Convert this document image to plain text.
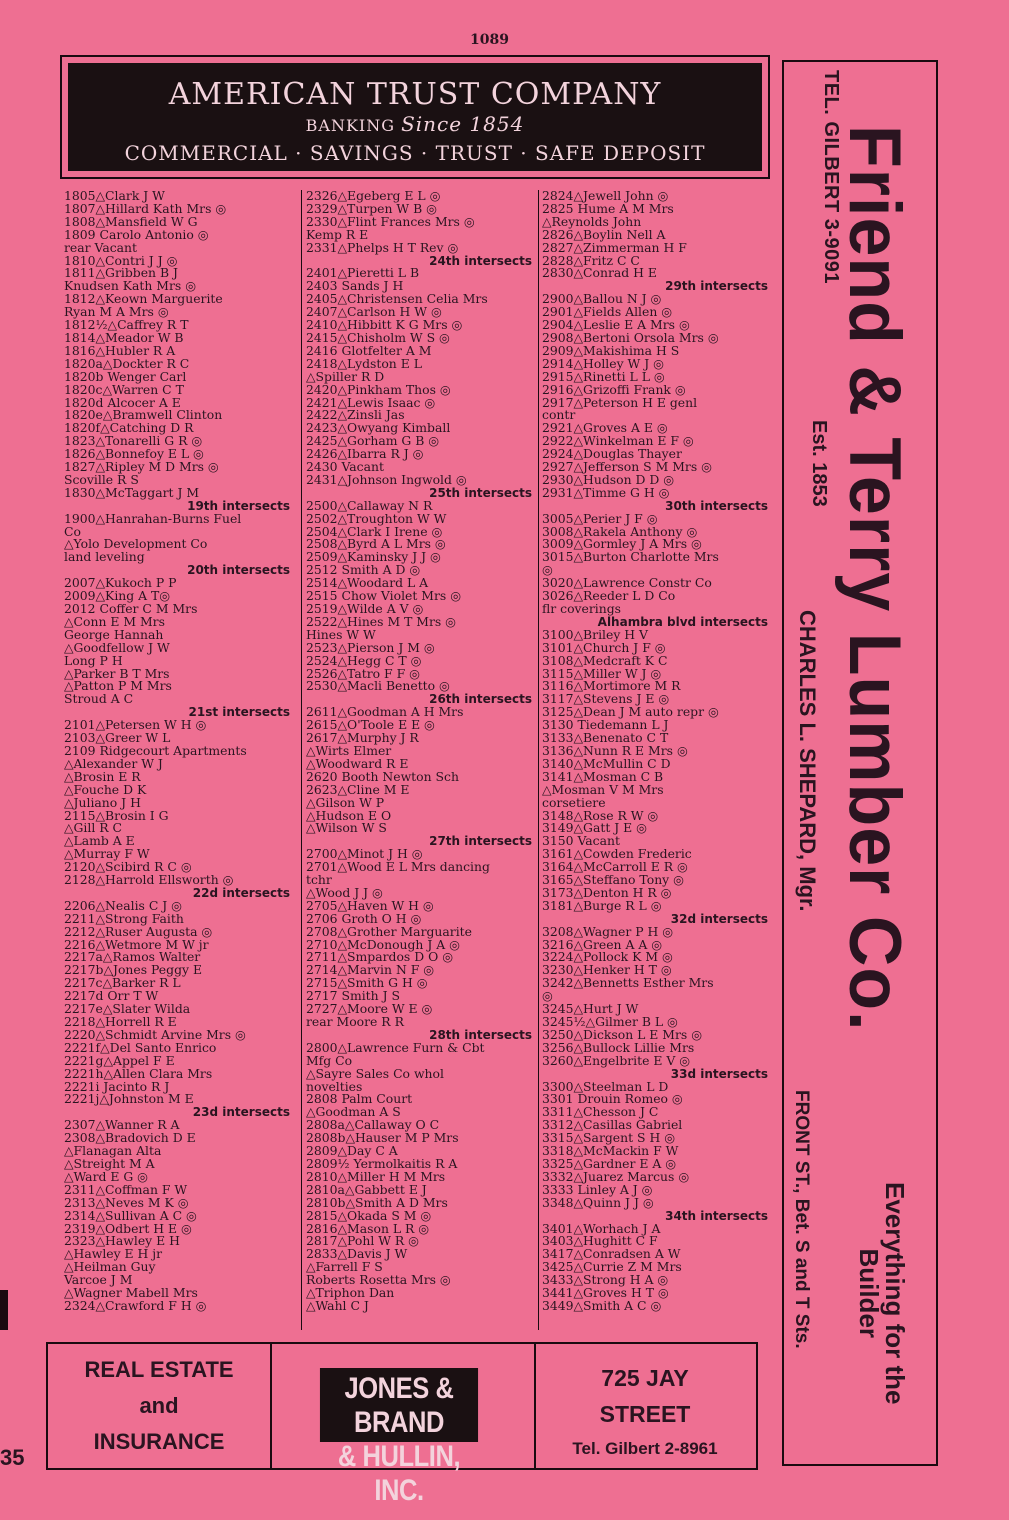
1089
AMERICAN TRUST COMPANY
BANKING Since 1854
COMMERCIAL · SAVINGS · TRUST · SAFE DEPOSIT
1805△Clark J W
1807△Hillard Kath Mrs ◎
1808△Mansfield W G
1809 Carolo Antonio ◎
rear Vacant
1810△Contri J J ◎
1811△Gribben B J
Knudsen Kath Mrs ◎
1812△Keown Marguerite
Ryan M A Mrs ◎
1812½△Caffrey R T
1814△Meador W B
1816△Hubler R A
1820a△Dockter R C
1820b Wenger Carl
1820c△Warren C T
1820d Alcocer A E
1820e△Bramwell Clinton
1820f△Catching D R
1823△Tonarelli G R ◎
1826△Bonnefoy E L ◎
1827△Ripley M D Mrs ◎
Scoville R S
1830△McTaggart J M
19th intersects
1900△Hanrahan-Burns Fuel
Co
△Yolo Development Co
land leveling
20th intersects
2007△Kukoch P P
2009△King A T◎
2012 Coffer C M Mrs
△Conn E M Mrs
George Hannah
△Goodfellow J W
Long P H
△Parker B T Mrs
△Patton P M Mrs
Stroud A C
21st intersects
2101△Petersen W H ◎
2103△Greer W L
2109 Ridgecourt Apartments
△Alexander W J
△Brosin E R
△Fouche D K
△Juliano J H
2115△Brosin I G
△Gill R C
△Lamb A E
△Murray F W
2120△Scibird R C ◎
2128△Harrold Ellsworth ◎
22d intersects
2206△Nealis C J ◎
2211△Strong Faith
2212△Ruser Augusta ◎
2216△Wetmore M W jr
2217a△Ramos Walter
2217b△Jones Peggy E
2217c△Barker R L
2217d Orr T W
2217e△Slater Wilda
2218△Horrell R E
2220△Schmidt Arvine Mrs ◎
2221f△Del Santo Enrico
2221g△Appel F E
2221h△Allen Clara Mrs
2221i Jacinto R J
2221j△Johnston M E
23d intersects
2307△Wanner R A
2308△Bradovich D E
△Flanagan Alta
△Streight M A
△Ward E G ◎
2311△Coffman F W
2313△Neves M K ◎
2314△Sullivan A C ◎
2319△Odbert H E ◎
2323△Hawley E H
△Hawley E H jr
△Heilman Guy
Varcoe J M
△Wagner Mabell Mrs
2324△Crawford F H ◎
2326△Egeberg E L ◎
2329△Turpen W B ◎
2330△Flint Frances Mrs ◎
Kemp R E
2331△Phelps H T Rev ◎
24th intersects
2401△Pieretti L B
2403 Sands J H
2405△Christensen Celia Mrs
2407△Carlson H W ◎
2410△Hibbitt K G Mrs ◎
2415△Chisholm W S ◎
2416 Glotfelter A M
2418△Lydston E L
△Spiller R D
2420△Pinkham Thos ◎
2421△Lewis Isaac ◎
2422△Zinsli Jas
2423△Owyang Kimball
2425△Gorham G B ◎
2426△Ibarra R J ◎
2430 Vacant
2431△Johnson Ingwold ◎
25th intersects
2500△Callaway N R
2502△Troughton W W
2504△Clark I Irene ◎
2508△Byrd A L Mrs ◎
2509△Kaminsky J J ◎
2512 Smith A D ◎
2514△Woodard L A
2515 Chow Violet Mrs ◎
2519△Wilde A V ◎
2522△Hines M T Mrs ◎
Hines W W
2523△Pierson J M ◎
2524△Hegg C T ◎
2526△Tatro F F ◎
2530△Macli Benetto ◎
26th intersects
2611△Goodman A H Mrs
2615△O'Toole E E ◎
2617△Murphy J R
△Wirts Elmer
△Woodward R E
2620 Booth Newton Sch
2623△Cline M E
△Gilson W P
△Hudson E O
△Wilson W S
27th intersects
2700△Minot J H ◎
2701△Wood E L Mrs dancing
tchr
△Wood J J ◎
2705△Haven W H ◎
2706 Groth O H ◎
2708△Grother Marguarite
2710△McDonough J A ◎
2711△Smpardos D O ◎
2714△Marvin N F ◎
2715△Smith G H ◎
2717 Smith J S
2727△Moore W E ◎
rear Moore R R
28th intersects
2800△Lawrence Furn & Cbt
Mfg Co
△Sayre Sales Co whol
novelties
2808 Palm Court
△Goodman A S
2808a△Callaway O C
2808b△Hauser M P Mrs
2809△Day C A
2809½ Yermolkaitis R A
2810△Miller H M Mrs
2810a△Gabbett E J
2810b△Smith A D Mrs
2815△Okada S M ◎
2816△Mason L R ◎
2817△Pohl W R ◎
2833△Davis J W
△Farrell F S
Roberts Rosetta Mrs ◎
△Triphon Dan
△Wahl C J
2824△Jewell John ◎
2825 Hume A M Mrs
△Reynolds John
2826△Boylin Nell A
2827△Zimmerman H F
2828△Fritz C C
2830△Conrad H E
29th intersects
2900△Ballou N J ◎
2901△Fields Allen ◎
2904△Leslie E A Mrs ◎
2908△Bertoni Orsola Mrs ◎
2909△Makishima H S
2914△Holley W J ◎
2915△Rinetti L L ◎
2916△Grizoffi Frank ◎
2917△Peterson H E genl
contr
2921△Groves A E ◎
2922△Winkelman E F ◎
2924△Douglas Thayer
2927△Jefferson S M Mrs ◎
2930△Hudson D D ◎
2931△Timme G H ◎
30th intersects
3005△Perier J F ◎
3008△Rakela Anthony ◎
3009△Gormley J A Mrs ◎
3015△Burton Charlotte Mrs
◎
3020△Lawrence Constr Co
3026△Reeder L D Co
flr coverings
Alhambra blvd intersects
3100△Briley H V
3101△Church J F ◎
3108△Medcraft K C
3115△Miller W J ◎
3116△Mortimore M R
3117△Stevens J E ◎
3125△Dean J M auto repr ◎
3130 Tiedemann L J
3133△Benenato C T
3136△Nunn R E Mrs ◎
3140△McMullin C D
3141△Mosman C B
△Mosman V M Mrs
corsetiere
3148△Rose R W ◎
3149△Gatt J E ◎
3150 Vacant
3161△Cowden Frederic
3164△McCarroll E R ◎
3165△Steffano Tony ◎
3173△Denton H R ◎
3181△Burge R L ◎
32d intersects
3208△Wagner P H ◎
3216△Green A A ◎
3224△Pollock K M ◎
3230△Henker H T ◎
3242△Bennetts Esther Mrs
◎
3245△Hurt J W
3245½△Gilmer B L ◎
3250△Dickson L E Mrs ◎
3256△Bullock Lillie Mrs
3260△Engelbrite E V ◎
33d intersects
3300△Steelman L D
3301 Drouin Romeo ◎
3311△Chesson J C
3312△Casillas Gabriel
3315△Sargent S H ◎
3318△McMackin F W
3325△Gardner E A ◎
3332△Juarez Marcus ◎
3333 Linley A J ◎
3348△Quinn J J ◎
34th intersects
3401△Worhach J A
3403△Hughitt C F
3417△Conradsen A W
3425△Currie Z M Mrs
3433△Strong H A ◎
3441△Groves H T ◎
3449△Smith A C ◎
TEL. GILBERT 3-9091
Friend & Terry Lumber Co.
Est. 1853
CHARLES L. SHEPARD, Mgr.
FRONT ST., Bet. S and T Sts.	Everything for the
Builder
REAL ESTATE
and
INSURANCE
JONES & BRAND
& HULLIN, INC.
725 JAY
STREET
Tel. Gilbert 2-8961
35
